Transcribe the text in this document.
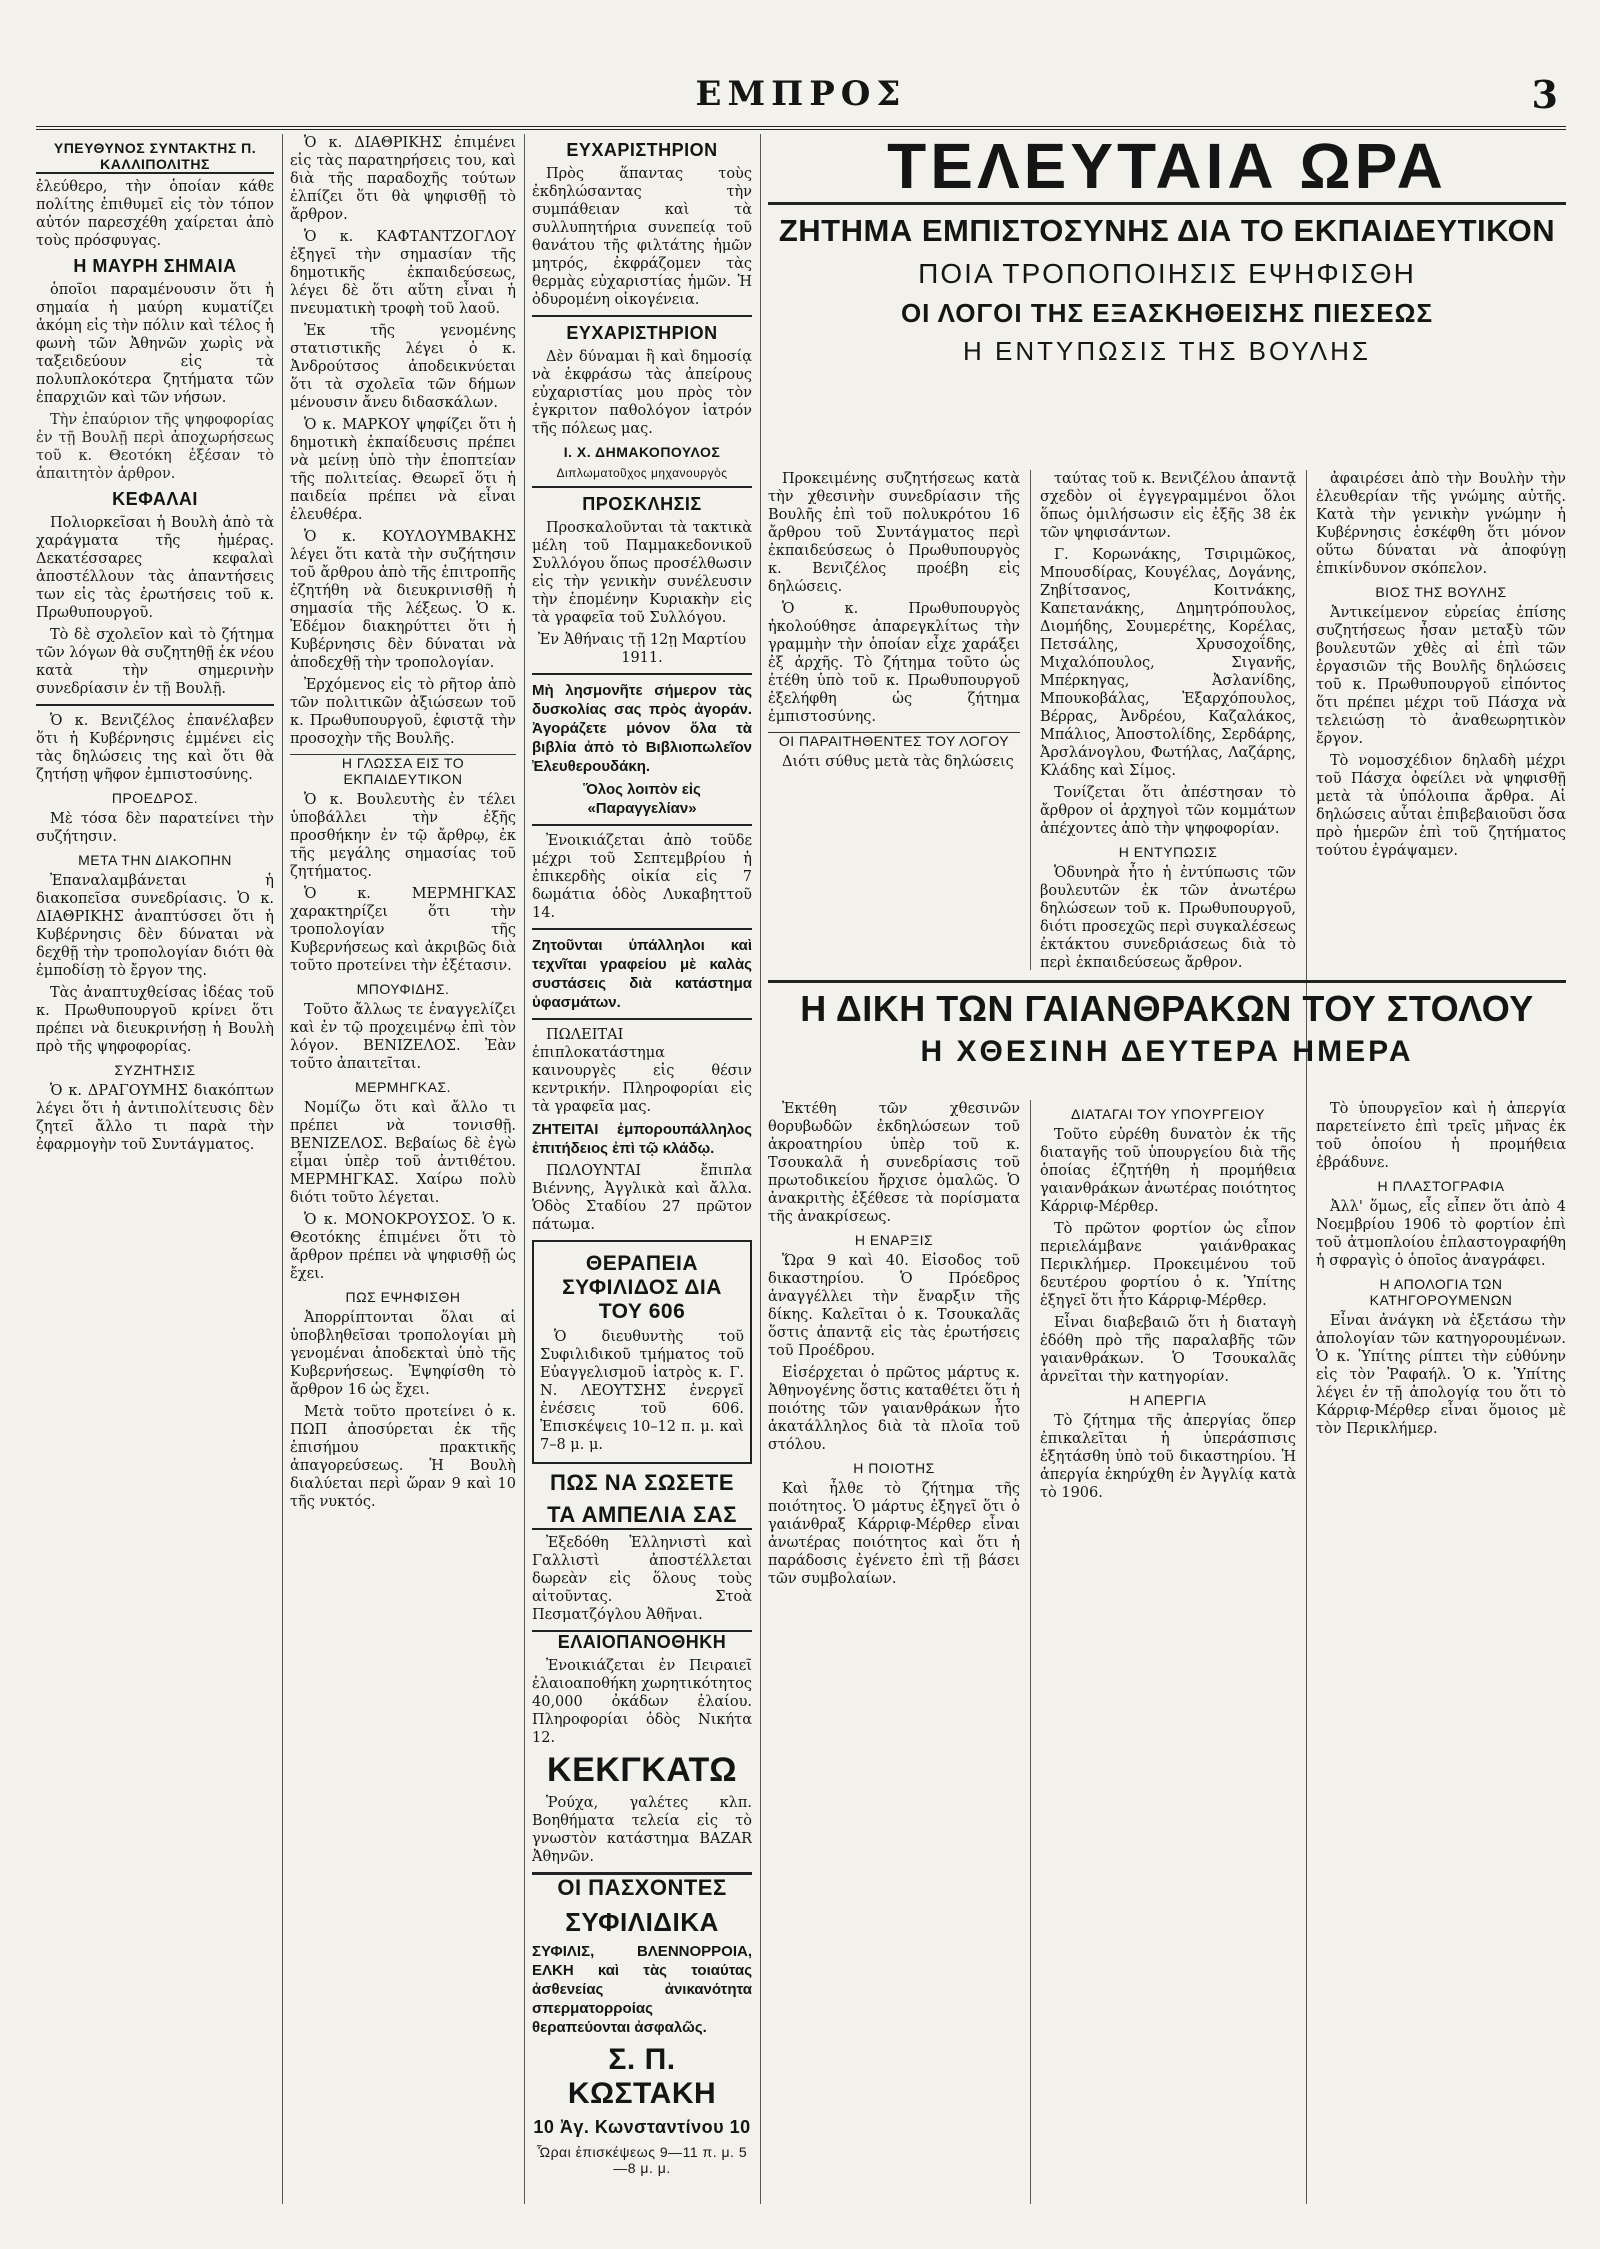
ΕΜΠΡΟΣ	3
ΥΠΕΥΘΥΝΟΣ ΣΥΝΤΑΚΤΗΣ Π. ΚΑΛΛΙΠΟΛΙΤΗΣ

ἐλεύθερο, τὴν ὁποίαν κάθε πολίτης ἐπιθυμεῖ εἰς τὸν τόπον αὐτόν παρεσχέθη χαίρεται ἀπὸ τοὺς πρόσφυγας.

Η ΜΑΥΡΗ ΣΗΜΑΙΑ

ὁποῖοι παραμένουσιν ὅτι ἡ σημαία ἡ μαύρη κυματίζει ἀκόμη εἰς τὴν πόλιν καὶ τέλος ἡ φωνὴ τῶν Ἀθηνῶν χωρὶς νὰ ταξειδεύουν εἰς τὰ πολυπλοκότερα ζητήματα τῶν ἐπαρχιῶν καὶ τῶν νήσων.

Τὴν ἐπαύριον τῆς ψηφοφορίας ἐν τῇ Βουλῇ περὶ ἀποχωρήσεως τοῦ κ. Θεοτόκη ἐξέσαν τὸ ἀπαιτητὸν ἀρθρον.

ΚΕΦΑΛΑΙ

Πολιορκεῖσαι ἡ Βουλὴ ἀπὸ τὰ χαράγματα τῆς ἡμέρας. Δεκατέσσαρες κεφαλαὶ ἀποστέλλουν τὰς ἀπαντήσεις των εἰς τὰς ἐρωτήσεις τοῦ κ. Πρωθυπουργοῦ.

Τὸ δὲ σχολεῖον καὶ τὸ ζήτημα τῶν λόγων θὰ συζητηθῇ ἐκ νέου κατὰ τὴν σημερινὴν συνεδρίασιν ἐν τῇ Βουλῇ.

Ὁ κ. Βενιζέλος ἐπανέλαβεν ὅτι ἡ Κυβέρνησις ἐμμένει εἰς τὰς δηλώσεις της καὶ ὅτι θὰ ζητήσῃ ψῆφον ἐμπιστοσύνης.

ΠΡΟΕΔΡΟΣ.

Μὲ τόσα δὲν παρατείνει τὴν συζήτησιν.

ΜΕΤΑ ΤΗΝ ΔΙΑΚΟΠΗΝ

Ἐπαναλαμβάνεται ἡ διακοπεῖσα συνεδρίασις. Ὁ κ. ΔΙΑΘΡΙΚΗΣ ἀναπτύσσει ὅτι ἡ Κυβέρνησις δὲν δύναται νὰ δεχθῇ τὴν τροπολογίαν διότι θὰ ἐμποδίσῃ τὸ ἔργον της.

Τὰς ἀναπτυχθείσας ἰδέας τοῦ κ. Πρωθυπουργοῦ κρίνει ὅτι πρέπει νὰ διευκρινήσῃ ἡ Βουλὴ πρὸ τῆς ψηφοφορίας.

ΣΥΖΗΤΗΣΙΣ

Ὁ κ. ΔΡΑΓΟΥΜΗΣ διακόπτων λέγει ὅτι ἡ ἀντιπολίτευσις δὲν ζητεῖ ἄλλο τι παρὰ τὴν ἐφαρμογὴν τοῦ Συντάγματος.

Ὁ κ. ΔΙΑΘΡΙΚΗΣ ἐπιμένει εἰς τὰς παρατηρήσεις του, καὶ διὰ τῆς παραδοχῆς τούτων ἐλπίζει ὅτι θὰ ψηφισθῇ τὸ ἄρθρον.

Ὁ κ. ΚΑΦΤΑΝΤΖΟΓΛΟΥ ἐξηγεῖ τὴν σημασίαν τῆς δημοτικῆς ἐκπαιδεύσεως, λέγει δὲ ὅτι αὕτη εἶναι ἡ πνευματικὴ τροφὴ τοῦ λαοῦ.

Ἐκ τῆς γενομένης στατιστικῆς λέγει ὁ κ. Ἀνδρούτσος ἀποδεικνύεται ὅτι τὰ σχολεῖα τῶν δήμων μένουσιν ἄνευ διδασκάλων.

Ὁ κ. ΜΑΡΚΟΥ ψηφίζει ὅτι ἡ δημοτικὴ ἐκπαίδευσις πρέπει νὰ μείνῃ ὑπὸ τὴν ἐποπτείαν τῆς πολιτείας. Θεωρεῖ ὅτι ἡ παιδεία πρέπει νὰ εἶναι ἐλευθέρα.

Ὁ κ. ΚΟΥΛΟΥΜΒΑΚΗΣ λέγει ὅτι κατὰ τὴν συζήτησιν τοῦ ἄρθρου ἀπὸ τῆς ἐπιτροπῆς ἐζητήθη νὰ διευκρινισθῇ ἡ σημασία τῆς λέξεως. Ὁ κ. Ἐδέμον διακηρύττει ὅτι ἡ Κυβέρνησις δὲν δύναται νὰ ἀποδεχθῇ τὴν τροπολογίαν.

Ἐρχόμενος εἰς τὸ ρῆτορ ἀπὸ τῶν πολιτικῶν ἀξιώσεων τοῦ κ. Πρωθυπουργοῦ, ἐφιστᾷ τὴν προσοχὴν τῆς Βουλῆς.

Η ΓΛΩΣΣΑ ΕΙΣ ΤΟ ΕΚΠΑΙΔΕΥΤΙΚΟΝ

Ὁ κ. Βουλευτὴς ἐν τέλει ὑποβάλλει τὴν ἐξῆς προσθήκην ἐν τῷ ἄρθρῳ, ἐκ τῆς μεγάλης σημασίας τοῦ ζητήματος.

Ὁ κ. ΜΕΡΜΗΓΚΑΣ χαρακτηρίζει ὅτι τὴν τροπολογίαν τῆς Κυβερνήσεως καὶ ἀκριβῶς διὰ τοῦτο προτείνει τὴν ἐξέτασιν.

ΜΠΟΥΦΙΔΗΣ.

Τοῦτο ἄλλως τε ἐναγγελίζει καὶ ἐν τῷ προχειμένῳ ἐπὶ τὸν λόγον. ΒΕΝΙΖΕΛΟΣ. Ἐὰν τοῦτο ἀπαιτεῖται.

ΜΕΡΜΗΓΚΑΣ.

Νομίζω ὅτι καὶ ἄλλο τι πρέπει νὰ τονισθῇ. ΒΕΝΙΖΕΛΟΣ. Βεβαίως δὲ ἐγὼ εἶμαι ὑπὲρ τοῦ ἀντιθέτου. ΜΕΡΜΗΓΚΑΣ. Χαίρω πολὺ διότι τοῦτο λέγεται.

Ὁ κ. ΜΟΝΟΚΡΟΥΣΟΣ. Ὁ κ. Θεοτόκης ἐπιμένει ὅτι τὸ ἄρθρον πρέπει νὰ ψηφισθῇ ὡς ἔχει.

ΠΩΣ ΕΨΗΦΙΣΘΗ

Ἀπορρίπτονται ὅλαι αἱ ὑποβληθεῖσαι τροπολογίαι μὴ γενομέναι ἀποδεκταὶ ὑπὸ τῆς Κυβερνήσεως. Ἐψηφίσθη τὸ ἄρθρον 16 ὡς ἔχει.

Μετὰ τοῦτο προτείνει ὁ κ. ΠΩΠ ἀποσύρεται ἐκ τῆς ἐπισήμου πρακτικῆς ἀπαγορεύσεως. Ἡ Βουλὴ διαλύεται περὶ ὥραν 9 καὶ 10 τῆς νυκτός.

ΕΥΧΑΡΙΣΤΗΡΙΟΝ

Πρὸς ἅπαντας τοὺς ἐκδηλώσαντας τὴν συμπάθειαν καὶ τὰ συλλυπητήρια συνεπείᾳ τοῦ θανάτου τῆς φιλτάτης ἡμῶν μητρός, ἐκφράζομεν τὰς θερμὰς εὐχαριστίας ἡμῶν. Ἡ ὀδυρομένη οἰκογένεια.

ΕΥΧΑΡΙΣΤΗΡΙΟΝ

Δὲν δύναμαι ἢ καὶ δημοσίᾳ νὰ ἐκφράσω τὰς ἀπείρους εὐχαριστίας μου πρὸς τὸν ἐγκριτον παθολόγον ἰατρόν τῆς πόλεως μας.

Ι. Χ. ΔΗΜΑΚΟΠΟΥΛΟΣ
Διπλωματοῦχος μηχανουργὸς
ΠΡΟΣΚΛΗΣΙΣ

Προσκαλοῦνται τὰ τακτικὰ μέλη τοῦ Παμμακεδονικοῦ Συλλόγου ὅπως προσέλθωσιν εἰς τὴν γενικὴν συνέλευσιν τὴν ἑπομένην Κυριακὴν εἰς τὰ γραφεῖα τοῦ Συλλόγου.

Ἐν Ἀθήναις τῇ 12ῃ Μαρτίου 1911.

Μὴ λησμονῆτε σήμερον τὰς δυσκολίας σας πρὸς ἀγοράν. Ἀγοράζετε μόνον ὅλα τὰ βιβλία ἀπὸ τὸ Βιβλιοπωλεῖον Ἐλευθερουδάκη.

Ὅλος λοιπὸν εἰς «Παραγγελίαν»

Ἐνοικιάζεται ἀπὸ τοῦδε μέχρι τοῦ Σεπτεμβρίου ἡ ἐπικερδὴς οἰκία εἰς 7 δωμάτια ὁδὸς Λυκαβηττοῦ 14.

Ζητοῦνται ὑπάλληλοι καὶ τεχνῖται γραφείου μὲ καλὰς συστάσεις διὰ κατάστημα ὑφασμάτων.

ΠΩΛΕΙΤΑΙ ἐπιπλοκατάστημα καινουργὲς εἰς θέσιν κεντρικήν. Πληροφορίαι εἰς τὰ γραφεῖα μας.

ΖΗΤΕΙΤΑΙ ἐμπορουπάλληλος ἐπιτήδειος ἐπὶ τῷ κλάδῳ.

ΠΩΛΟΥΝΤΑΙ ἔπιπλα Βιέννης, Ἀγγλικὰ καὶ ἄλλα. Ὁδὸς Σταδίου 27 πρῶτον πάτωμα.

ΘΕΡΑΠΕΙΑ ΣΥΦΙΛΙΔΟΣ ΔΙΑ ΤΟΥ 606

Ὁ διευθυντὴς τοῦ Συφιλιδικοῦ τμήματος τοῦ Εὐαγγελισμοῦ ἰατρὸς κ. Γ. Ν. ΛΕΟΥΤΣΗΣ ἐνεργεῖ ἐνέσεις τοῦ 606. Ἐπισκέψεις 10–12 π. μ. καὶ 7–8 μ. μ.

ΠΩΣ ΝΑ ΣΩΣΕΤΕ
ΤΑ ΑΜΠΕΛΙΑ ΣΑΣ

Ἐξεδόθη Ἑλληνιστὶ καὶ Γαλλιστὶ ἀποστέλλεται δωρεὰν εἰς ὅλους τοὺς αἰτοῦντας. Στοὰ Πεσματζόγλου Ἀθῆναι.

ΕΛΑΙΟΠΑΝΟΘΗΚΗ

Ἐνοικιάζεται ἐν Πειραιεῖ ἐλαιοαποθήκη χωρητικότητος 40,000 ὀκάδων ἐλαίου. Πληροφορίαι ὁδὸς Νικήτα 12.

ΚΕΚΓΚΑΤΩ

Ῥούχα, γαλέτες κλπ. Βοηθήματα τελεία εἰς τὸ γνωστὸν κατάστημα BAZAR Ἀθηνῶν.

ΟΙ ΠΑΣΧΟΝΤΕΣ
ΣΥΦΙΛΙΔΙΚΑ

ΣΥΦΙΛΙΣ, ΒΛΕΝΝΟΡΡΟΙΑ, ΕΛΚΗ καὶ τὰς τοιαύτας ἀσθενείας ἀνικανότητα σπερματορροίας θεραπεύονται ἀσφαλῶς.

Σ. Π. ΚΩΣΤΑΚΗ
10 Ἀγ. Κωνσταντίνου 10
Ὧραι ἐπισκέψεως 9—11 π. μ. 5—8 μ. μ.
ΤΕΛΕΥΤΑΙΑ ΩΡΑ
ΖΗΤΗΜΑ ΕΜΠΙΣΤΟΣΥΝΗΣ ΔΙΑ ΤΟ ΕΚΠΑΙΔΕΥΤΙΚΟΝ
ΠΟΙΑ ΤΡΟΠΟΠΟΙΗΣΙΣ ΕΨΗΦΙΣΘΗ
ΟΙ ΛΟΓΟΙ ΤΗΣ ΕΞΑΣΚΗΘΕΙΣΗΣ ΠΙΕΣΕΩΣ
Η ΕΝΤΥΠΩΣΙΣ ΤΗΣ ΒΟΥΛΗΣ

Προκειμένης συζητήσεως κατὰ τὴν χθεσινὴν συνεδρίασιν τῆς Βουλῆς ἐπὶ τοῦ πολυκρότου 16 ἄρθρου τοῦ Συντάγματος περὶ ἐκπαιδεύσεως ὁ Πρωθυπουργὸς κ. Βενιζέλος προέβη εἰς δηλώσεις.

Ὁ κ. Πρωθυπουργὸς ἠκολούθησε ἀπαρεγκλίτως τὴν γραμμὴν τὴν ὁποίαν εἶχε χαράξει ἐξ ἀρχῆς. Τὸ ζήτημα τοῦτο ὡς ἐτέθη ὑπὸ τοῦ κ. Πρωθυπουργοῦ ἐξελήφθη ὡς ζήτημα ἐμπιστοσύνης.

ΟΙ ΠΑΡΑΙΤΗΘΕΝΤΕΣ ΤΟΥ ΛΟΓΟΥ

Διότι σύθυς μετὰ τὰς δηλώσεις

ταύτας τοῦ κ. Βενιζέλου ἀπαντᾷ σχεδὸν οἱ ἐγγεγραμμένοι ὅλοι ὅπως ὁμιλήσωσιν εἰς ἐξῆς 38 ἐκ τῶν ψηφισάντων.

Γ. Κορωνάκης, Τσιριμῶκος, Μπουσδίρας, Κουγέλας, Δογάνης, Ζηβίτσανος, Κοιτνάκης, Καπετανάκης, Δημητρόπουλος, Διομήδης, Σουμερέτης, Κορέλας, Πετσάλης, Χρυσοχοΐδης, Μιχαλόπουλος, Σιγανῆς, Μπέρκηγας, Ἀσλανίδης, Μπουκοβάλας, Ἐξαρχόπουλος, Βέρρας, Ἀνδρέου, Καζαλάκος, Μπάλιος, Ἀποστολίδης, Σερδάρης, Ἀρσλάνογλου, Φωτήλας, Λαζάρης, Κλάδης καὶ Σίμος.

Τονίζεται ὅτι ἀπέστησαν τὸ ἄρθρον οἱ ἀρχηγοὶ τῶν κομμάτων ἀπέχοντες ἀπὸ τὴν ψηφοφορίαν.

Η ΕΝΤΥΠΩΣΙΣ

Ὁδυνηρὰ ἦτο ἡ ἐντύπωσις τῶν βουλευτῶν ἐκ τῶν ἀνωτέρω δηλώσεων τοῦ κ. Πρωθυπουργοῦ, διότι προσεχῶς περὶ συγκαλέσεως ἐκτάκτου συνεδριάσεως διὰ τὸ περὶ ἐκπαιδεύσεως ἄρθρον.

ἀφαιρέσει ἀπὸ τὴν Βουλὴν τὴν ἐλευθερίαν τῆς γνώμης αὐτῆς. Κατὰ τὴν γενικὴν γνώμην ἡ Κυβέρνησις ἐσκέφθη ὅτι μόνον οὕτω δύναται νὰ ἀποφύγῃ ἐπικίνδυνον σκόπελον.

ΒΙΟΣ ΤΗΣ ΒΟΥΛΗΣ

Ἀντικείμενον εὐρείας ἐπίσης συζητήσεως ἦσαν μεταξὺ τῶν βουλευτῶν χθὲς αἱ ἐπὶ τῶν ἐργασιῶν τῆς Βουλῆς δηλώσεις τοῦ κ. Πρωθυπουργοῦ εἰπόντος ὅτι πρέπει μέχρι τοῦ Πάσχα νὰ τελειώσῃ τὸ ἀναθεωρητικὸν ἔργον.

Τὸ νομοσχέδιον δηλαδὴ μέχρι τοῦ Πάσχα ὀφείλει νὰ ψηφισθῇ μετὰ τὰ ὑπόλοιπα ἄρθρα. Αἱ δηλώσεις αὗται ἐπιβεβαιοῦσι ὅσα πρὸ ἡμερῶν ἐπὶ τοῦ ζητήματος τούτου ἐγράψαμεν.

Η ΔΙΚΗ ΤΩΝ ΓΑΙΑΝΘΡΑΚΩΝ ΤΟΥ ΣΤΟΛΟΥ
Η ΧΘΕΣΙΝΗ ΔΕΥΤΕΡΑ ΗΜΕΡΑ

Ἐκτέθη τῶν χθεσινῶν θορυβωδῶν ἐκδηλώσεων τοῦ ἀκροατηρίου ὑπὲρ τοῦ κ. Τσουκαλᾶ ἡ συνεδρίασις τοῦ πρωτοδικείου ἤρχισε ὁμαλῶς. Ὁ ἀνακριτὴς ἐξέθεσε τὰ πορίσματα τῆς ἀνακρίσεως.

Η ΕΝΑΡΞΙΣ

Ὥρα 9 καὶ 40. Εἰσοδος τοῦ δικαστηρίου. Ὁ Πρόεδρος ἀναγγέλλει τὴν ἔναρξιν τῆς δίκης. Καλεῖται ὁ κ. Τσουκαλᾶς ὅστις ἀπαντᾷ εἰς τὰς ἐρωτήσεις τοῦ Προέδρου.

Εἰσέρχεται ὁ πρῶτος μάρτυς κ. Ἀθηνογένης ὅστις καταθέτει ὅτι ἡ ποιότης τῶν γαιανθράκων ἦτο ἀκατάλληλος διὰ τὰ πλοῖα τοῦ στόλου.

Η ΠΟΙΟΤΗΣ

Καὶ ἦλθε τὸ ζήτημα τῆς ποιότητος. Ὁ μάρτυς ἐξηγεῖ ὅτι ὁ γαιάνθραξ Κάρριφ-Μέρθερ εἶναι ἀνωτέρας ποιότητος καὶ ὅτι ἡ παράδοσις ἐγένετο ἐπὶ τῇ βάσει τῶν συμβολαίων.

ΔΙΑΤΑΓΑΙ ΤΟΥ ΥΠΟΥΡΓΕΙΟΥ

Τοῦτο εὑρέθη δυνατὸν ἐκ τῆς διαταγῆς τοῦ ὑπουργείου διὰ τῆς ὁποίας ἐζητήθη ἡ προμήθεια γαιανθράκων ἀνωτέρας ποιότητος Κάρριφ-Μέρθερ.

Τὸ πρῶτον φορτίον ὡς εἶπον περιελάμβανε γαιάνθρακας Περικλήμερ. Προκειμένου τοῦ δευτέρου φορτίου ὁ κ. Ὑπίτης ἐξηγεῖ ὅτι ἦτο Κάρριφ-Μέρθερ.

Εἶναι διαβεβαιῶ ὅτι ἡ διαταγὴ ἐδόθη πρὸ τῆς παραλαβῆς τῶν γαιανθράκων. Ὁ Τσουκαλᾶς ἀρνεῖται τὴν κατηγορίαν.

Η ΑΠΕΡΓΙΑ

Τὸ ζήτημα τῆς ἀπεργίας ὅπερ ἐπικαλεῖται ἡ ὑπεράσπισις ἐξητάσθη ὑπὸ τοῦ δικαστηρίου. Ἡ ἀπεργία ἐκηρύχθη ἐν Ἀγγλίᾳ κατὰ τὸ 1906.

Τὸ ὑπουργεῖον καὶ ἡ ἀπεργία παρετείνετο ἐπὶ τρεῖς μῆνας ἐκ τοῦ ὁποίου ἡ προμήθεια ἐβράδυνε.

Η ΠΛΑΣΤΟΓΡΑΦΙΑ

Ἀλλ' ὅμως, εἶς εἶπεν ὅτι ἀπὸ 4 Νοεμβρίου 1906 τὸ φορτίον ἐπὶ τοῦ ἀτμοπλοίου ἐπλαστογραφήθη ἡ σφραγὶς ὁ ὁποῖος ἀναγράφει.

Η ΑΠΟΛΟΓΙΑ ΤΩΝ ΚΑΤΗΓΟΡΟΥΜΕΝΩΝ

Εἶναι ἀνάγκη νὰ ἐξετάσω τὴν ἀπολογίαν τῶν κατηγορουμένων. Ὁ κ. Ὑπίτης ρίπτει τὴν εὐθύνην εἰς τὸν Ῥαφαήλ. Ὁ κ. Ὑπίτης λέγει ἐν τῇ ἀπολογίᾳ του ὅτι τὸ Κάρριφ-Μέρθερ εἶναι ὅμοιος μὲ τὸν Περικλήμερ.
